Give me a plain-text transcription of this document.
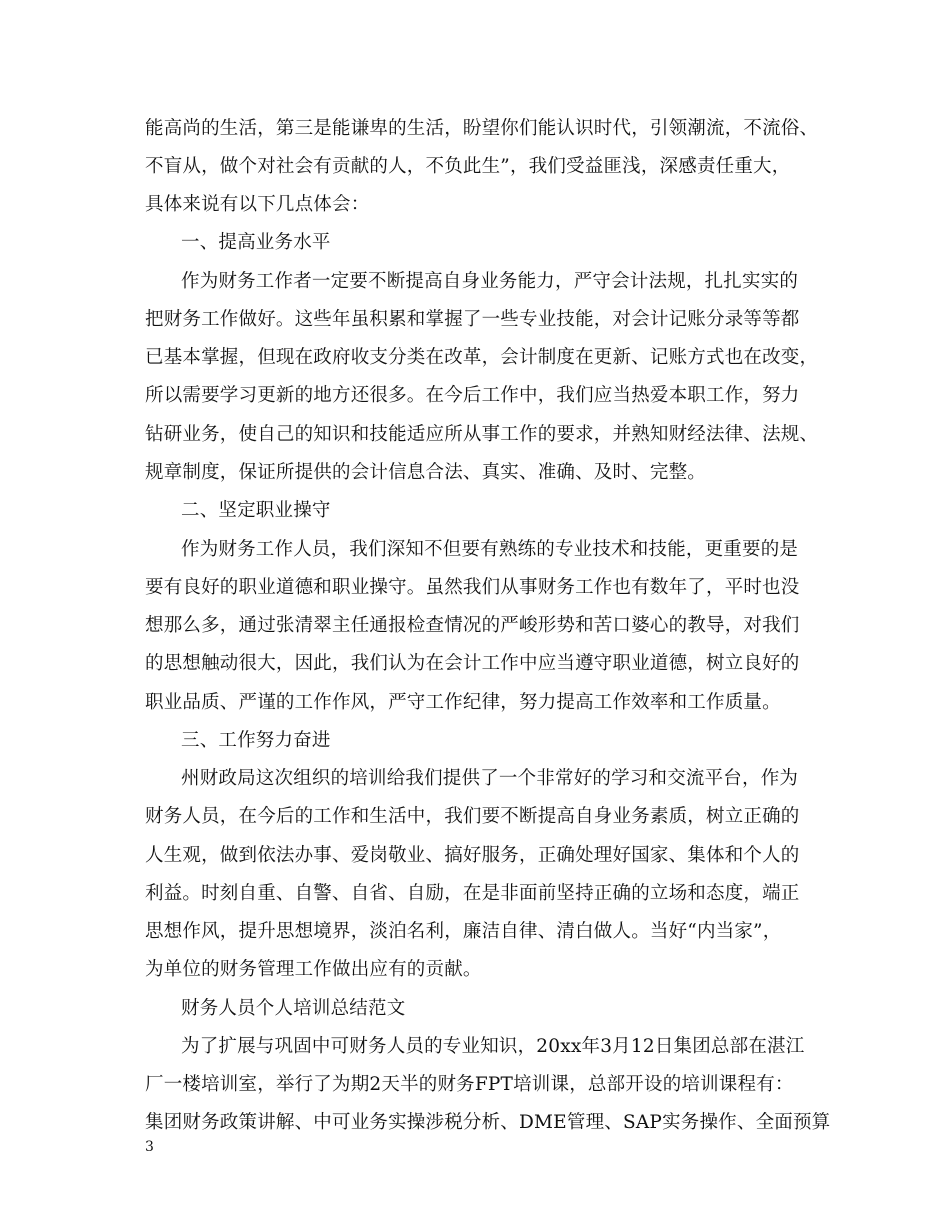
能高尚的生活，第三是能谦卑的生活，盼望你们能认识时代，引领潮流，不流俗、
不盲从，做个对社会有贡献的人，不负此生”，我们受益匪浅，深感责任重大，
具体来说有以下几点体会：
一、提高业务水平
作为财务工作者一定要不断提高自身业务能力，严守会计法规，扎扎实实的
把财务工作做好。这些年虽积累和掌握了一些专业技能，对会计记账分录等等都
已基本掌握，但现在政府收支分类在改革，会计制度在更新、记账方式也在改变，
所以需要学习更新的地方还很多。在今后工作中，我们应当热爱本职工作，努力
钻研业务，使自己的知识和技能适应所从事工作的要求，并熟知财经法律、法规、
规章制度，保证所提供的会计信息合法、真实、准确、及时、完整。
二、坚定职业操守
作为财务工作人员，我们深知不但要有熟练的专业技术和技能，更重要的是
要有良好的职业道德和职业操守。虽然我们从事财务工作也有数年了，平时也没
想那么多，通过张清翠主任通报检查情况的严峻形势和苦口婆心的教导，对我们
的思想触动很大，因此，我们认为在会计工作中应当遵守职业道德，树立良好的
职业品质、严谨的工作作风，严守工作纪律，努力提高工作效率和工作质量。
三、工作努力奋进
州财政局这次组织的培训给我们提供了一个非常好的学习和交流平台，作为
财务人员，在今后的工作和生活中，我们要不断提高自身业务素质，树立正确的
人生观，做到依法办事、爱岗敬业、搞好服务，正确处理好国家、集体和个人的
利益。时刻自重、自警、自省、自励，在是非面前坚持正确的立场和态度，端正
思想作风，提升思想境界，淡泊名利，廉洁自律、清白做人。当好“内当家”，
为单位的财务管理工作做出应有的贡献。
财务人员个人培训总结范文
为了扩展与巩固中可财务人员的专业知识，20xx年3月12日集团总部在湛江
厂一楼培训室，举行了为期2天半的财务FPT培训课，总部开设的培训课程有：
集团财务政策讲解、中可业务实操涉税分析、DME管理、SAP实务操作、全面预算
3
